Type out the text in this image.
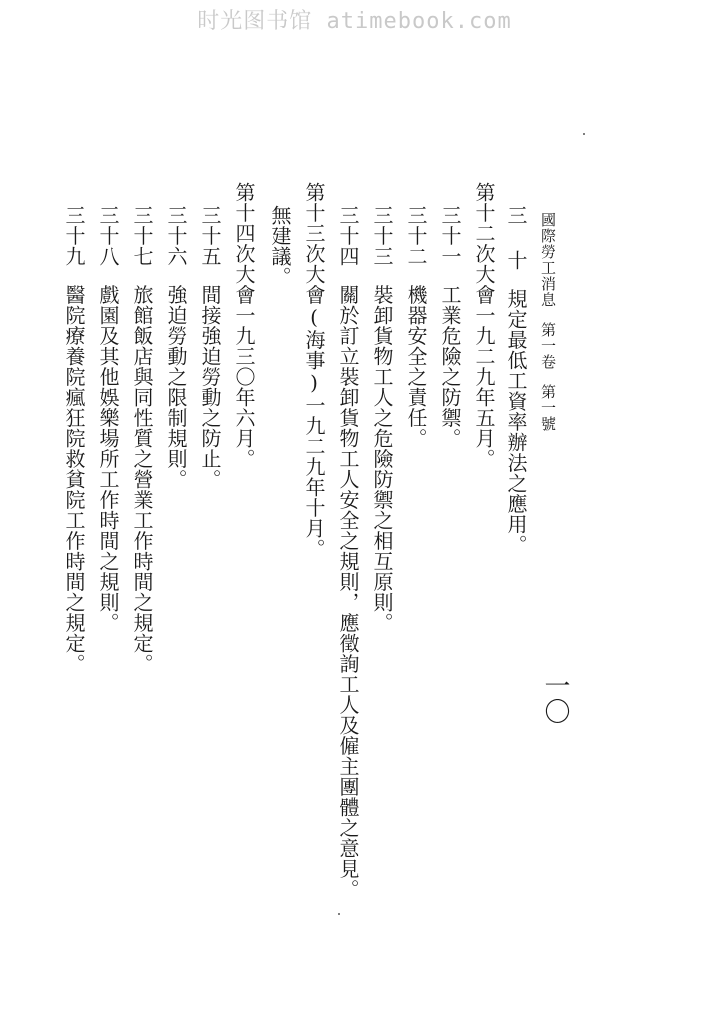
时光图书馆 atimebook.com
國際勞工消息第一卷第一號
三 十規定最低工資率辦法之應用。
第十二次大會一九二九年五月。
三十一工業危險之防禦。
三十二機器安全之責任。
三十三裝卸貨物工人之危險防禦之相互原則。
三十四關於訂立裝卸貨物工人安全之規則，應徵詢工人及僱主團體之意見。
第十三次大會(海事)一九二九年十月。
無建議。
第十四次大會一九三〇年六月。
三十五間接強迫勞動之防止。
三十六強迫勞動之限制規則。
三十七旅館飯店與同性質之營業工作時間之規定。
三十八戲園及其他娛樂場所工作時間之規則。
三十九醫院療養院瘋狂院救貧院工作時間之規定。
一〇
